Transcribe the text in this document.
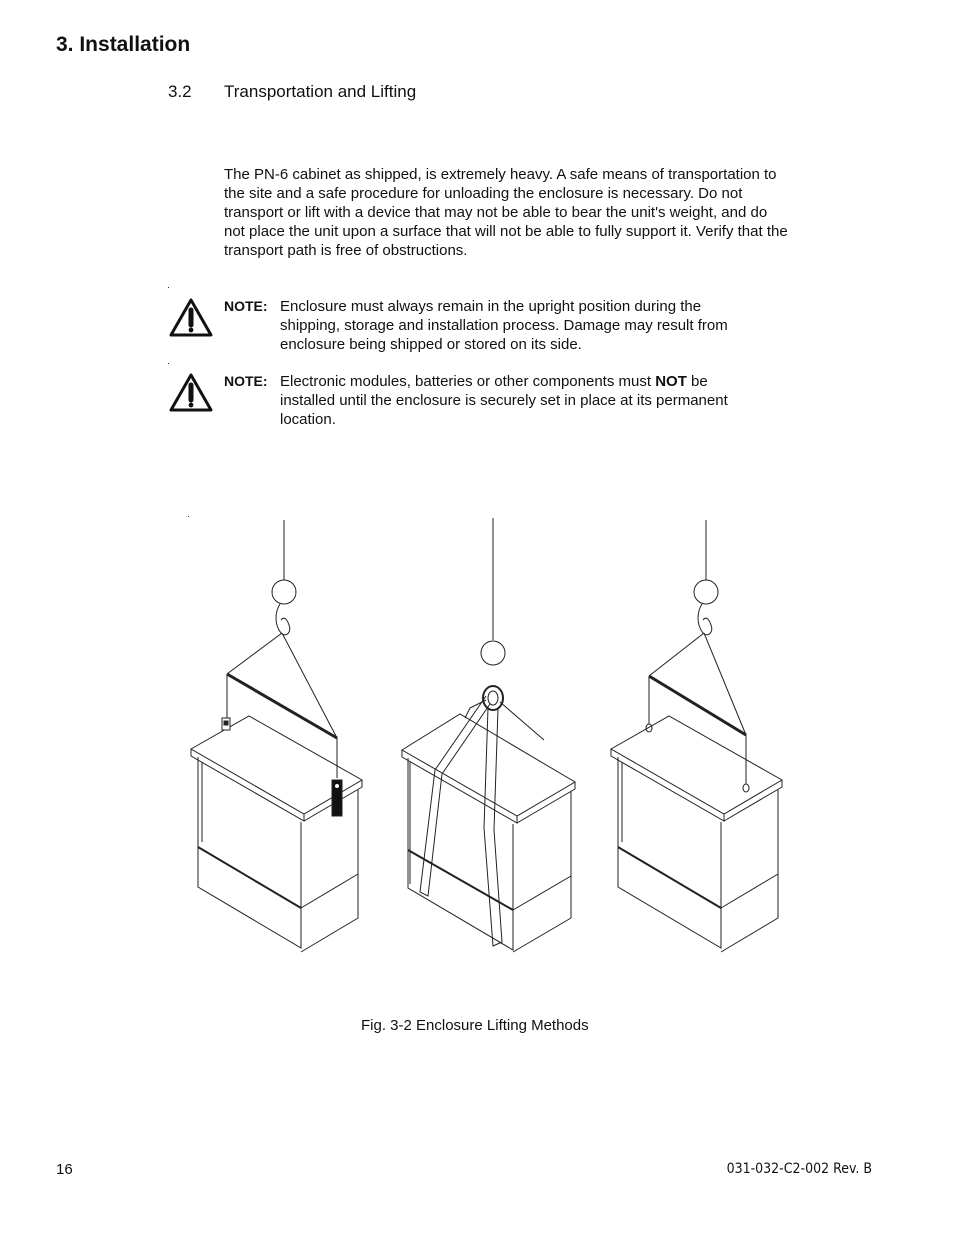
3. Installation
3.2 Transportation and Lifting

The PN-6 cabinet as shipped, is extremely heavy. A safe means of transportation to the site and a safe procedure for unloading the enclosure is necessary. Do not transport or lift with a device that may not be able to bear the unit's weight, and do not place the unit upon a surface that will not be able to fully support it. Verify that the transport path is free of obstructions.

NOTE: Enclosure must always remain in the upright position during the shipping, storage and installation process. Damage may result from enclosure being shipped or stored on its side.
NOTE: Electronic modules, batteries or other components must NOT be installed until the enclosure is securely set in place at its permanent location.
Fig. 3-2 Enclosure Lifting Methods
16	031-032-C2-002 Rev. B
